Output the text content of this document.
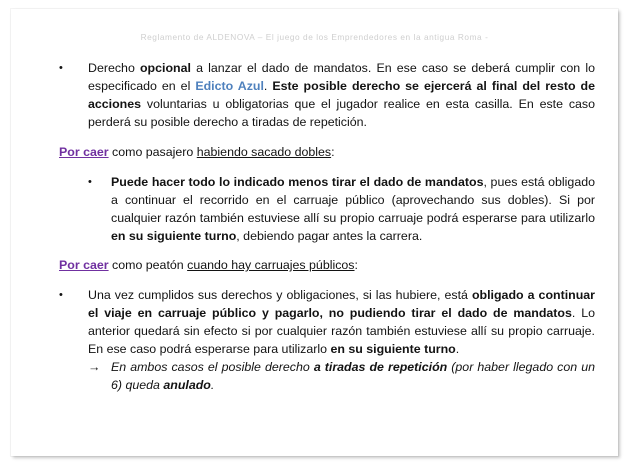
Reglamento de ALDENOVA – El juego de los Emprendedores en la antigua Roma -
•	Derecho opcional a lanzar el dado de mandatos. En ese caso se deberá cumplir con lo especificado en el Edicto Azul. Este posible derecho se ejercerá al final del resto de acciones voluntarias u obligatorias que el jugador realice en esta casilla. En este caso perderá su posible derecho a tiradas de repetición.
Por caer como pasajero habiendo sacado dobles:
•	Puede hacer todo lo indicado menos tirar el dado de mandatos, pues está obligado a continuar el recorrido en el carruaje público (aprovechando sus dobles). Si por cualquier razón también estuviese allí su propio carruaje podrá esperarse para utilizarlo en su siguiente turno, debiendo pagar antes la carrera.
Por caer como peatón cuando hay carruajes públicos:
•	Una vez cumplidos sus derechos y obligaciones, si las hubiere, está obligado a continuar el viaje en carruaje público y pagarlo, no pudiendo tirar el dado de mandatos. Lo anterior quedará sin efecto si por cualquier razón también estuviese allí su propio carruaje. En ese caso podrá esperarse para utilizarlo en su siguiente turno.
→ En ambos casos el posible derecho a tiradas de repetición (por haber llegado con un 6) queda anulado.
